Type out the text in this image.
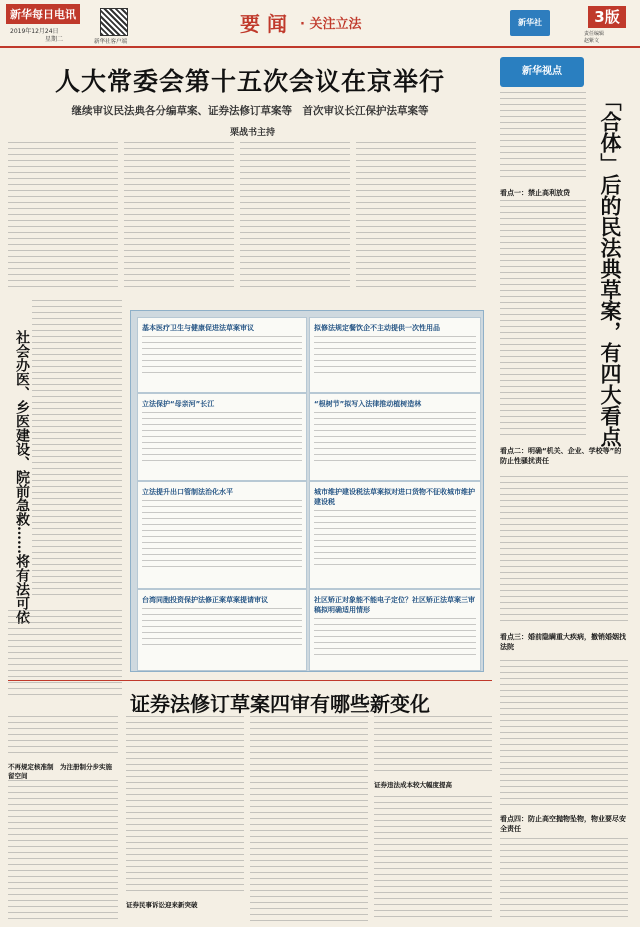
新华每日电讯
2019年12月24日
星期二	新华社客户端
要 闻 · 关注立法	新华社	3版
责任编辑
赵紫文
人大常委会第十五次会议在京举行
继续审议民法典各分编草案、证券法修订草案等　首次审议长江保护法草案等
栗战书主持
新华视点
「合体」后的民法典草案，有四大看点
看点一：禁止高利放贷
看点二：明确“机关、企业、学校等”的防止性骚扰责任
看点三：婚前隐瞒重大疾病，撤销婚姻找法院
看点四：防止高空抛物坠物，物业要尽安全责任
社会办医、乡医建设、院前急救……将有法可依
基本医疗卫生与健康促进法草案审议	拟修法规定餐饮企不主动提供一次性用品
立法保护“母亲河”长江	“根树节”拟写入法律推动植树造林
立法提升出口管制法治化水平	城市维护建设税法草案拟对进口货物不征收城市维护建设税
台湾同胞投资保护法修正案草案提请审议	社区矫正对象能不能电子定位？社区矫正法草案三审稿拟明确适用情形
证券法修订草案四审有哪些新变化
不再规定核准制　为注册制分步实施留空间
证券民事诉讼迎来新突破
证券违法成本较大幅度提高
